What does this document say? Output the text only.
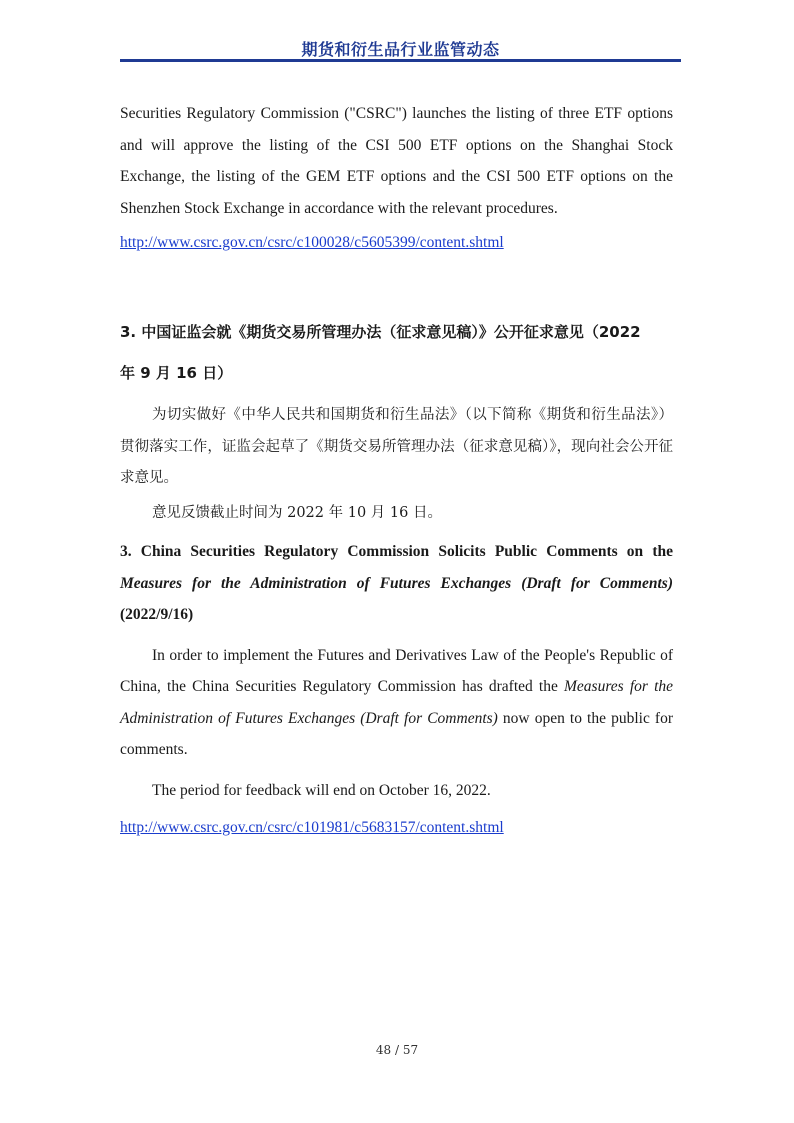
期货和衍生品行业监管动态

Securities Regulatory Commission ("CSRC") launches the listing of three ETF options and will approve the listing of the CSI 500 ETF options on the Shanghai Stock Exchange, the listing of the GEM ETF options and the CSI 500 ETF options on the Shenzhen Stock Exchange in accordance with the relevant procedures.

http://www.csrc.gov.cn/csrc/c100028/c5605399/content.shtml

3. 中国证监会就《期货交易所管理办法（征求意见稿）》公开征求意见（2022
年 9 月 16 日）

为切实做好《中华人民共和国期货和衍生品法》（以下简称《期货和衍生品法》）贯彻落实工作，证监会起草了《期货交易所管理办法（征求意见稿）》，现向社会公开征求意见。

意见反馈截止时间为 2022 年 10 月 16 日。

3. China Securities Regulatory Commission Solicits Public Comments on the Measures for the Administration of Futures Exchanges (Draft for Comments) (2022/9/16)

In order to implement the Futures and Derivatives Law of the People's Republic of China, the China Securities Regulatory Commission has drafted the Measures for the Administration of Futures Exchanges (Draft for Comments) now open to the public for comments.

The period for feedback will end on October 16, 2022.

http://www.csrc.gov.cn/csrc/c101981/c5683157/content.shtml
48 / 57
